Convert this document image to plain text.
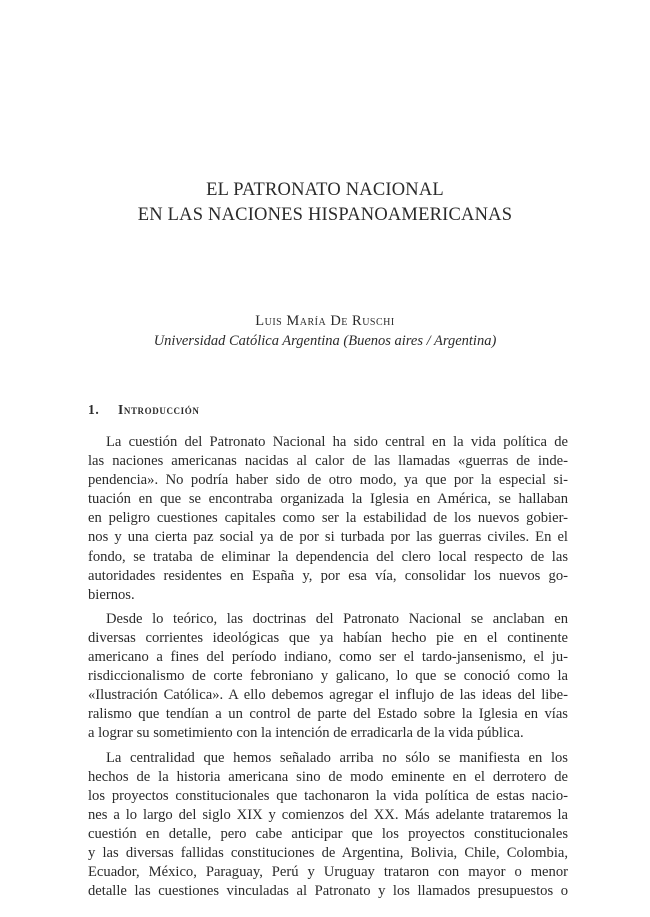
EL PATRONATO NACIONAL
EN LAS NACIONES HISPANOAMERICANAS
Luis María De Ruschi
Universidad Católica Argentina (Buenos aires / Argentina)
1. Introducción
La cuestión del Patronato Nacional ha sido central en la vida política de
las naciones americanas nacidas al calor de las llamadas «guerras de inde-
pendencia». No podría haber sido de otro modo, ya que por la especial si-
tuación en que se encontraba organizada la Iglesia en América, se hallaban
en peligro cuestiones capitales como ser la estabilidad de los nuevos gobier-
nos y una cierta paz social ya de por si turbada por las guerras civiles. En el
fondo, se trataba de eliminar la dependencia del clero local respecto de las
autoridades residentes en España y, por esa vía, consolidar los nuevos go-
biernos.
Desde lo teórico, las doctrinas del Patronato Nacional se anclaban en
diversas corrientes ideológicas que ya habían hecho pie en el continente
americano a fines del período indiano, como ser el tardo-jansenismo, el ju-
risdiccionalismo de corte febroniano y galicano, lo que se conoció como la
«Ilustración Católica». A ello debemos agregar el influjo de las ideas del libe-
ralismo que tendían a un control de parte del Estado sobre la Iglesia en vías
a lograr su sometimiento con la intención de erradicarla de la vida pública.
La centralidad que hemos señalado arriba no sólo se manifiesta en los
hechos de la historia americana sino de modo eminente en el derrotero de
los proyectos constitucionales que tachonaron la vida política de estas nacio-
nes a lo largo del siglo XIX y comienzos del XX. Más adelante trataremos la
cuestión en detalle, pero cabe anticipar que los proyectos constitucionales
y las diversas fallidas constituciones de Argentina, Bolivia, Chile, Colombia,
Ecuador, México, Paraguay, Perú y Uruguay trataron con mayor o menor
detalle las cuestiones vinculadas al Patronato y los llamados presupuestos o
